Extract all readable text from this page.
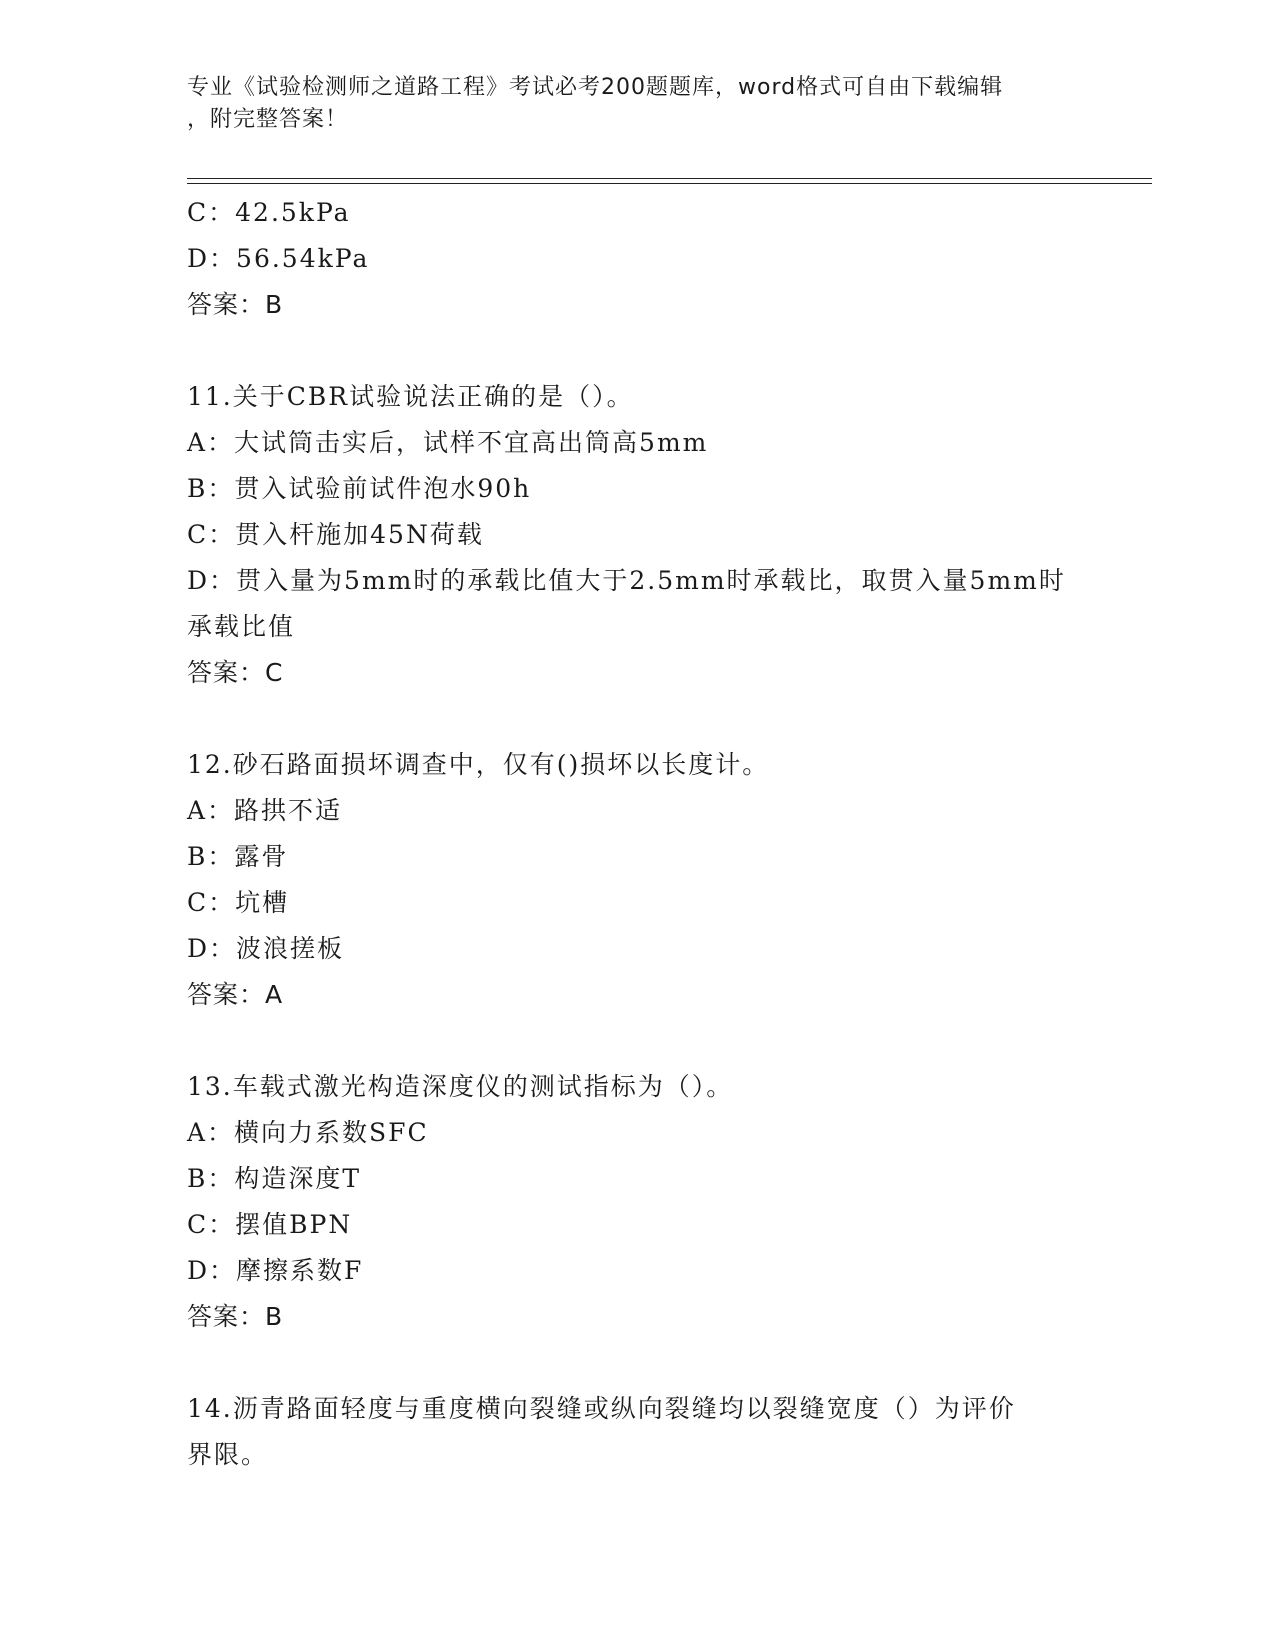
专业《试验检测师之道路工程》考试必考200题题库，word格式可自由下载编辑
，附完整答案！
C：42.5kPa
D：56.54kPa
答案：B
11.关于CBR试验说法正确的是（）。
A：大试筒击实后，试样不宜高出筒高5mm
B：贯入试验前试件泡水90h
C：贯入杆施加45N荷载
D：贯入量为5mm时的承载比值大于2.5mm时承载比，取贯入量5mm时
承载比值
答案：C
12.砂石路面损坏调查中，仅有()损坏以长度计。
A：路拱不适
B：露骨
C：坑槽
D：波浪搓板
答案：A
13.车载式激光构造深度仪的测试指标为（）。
A：横向力系数SFC
B：构造深度T
C：摆值BPN
D：摩擦系数F
答案：B
14.沥青路面轻度与重度横向裂缝或纵向裂缝均以裂缝宽度（）为评价
界限。
